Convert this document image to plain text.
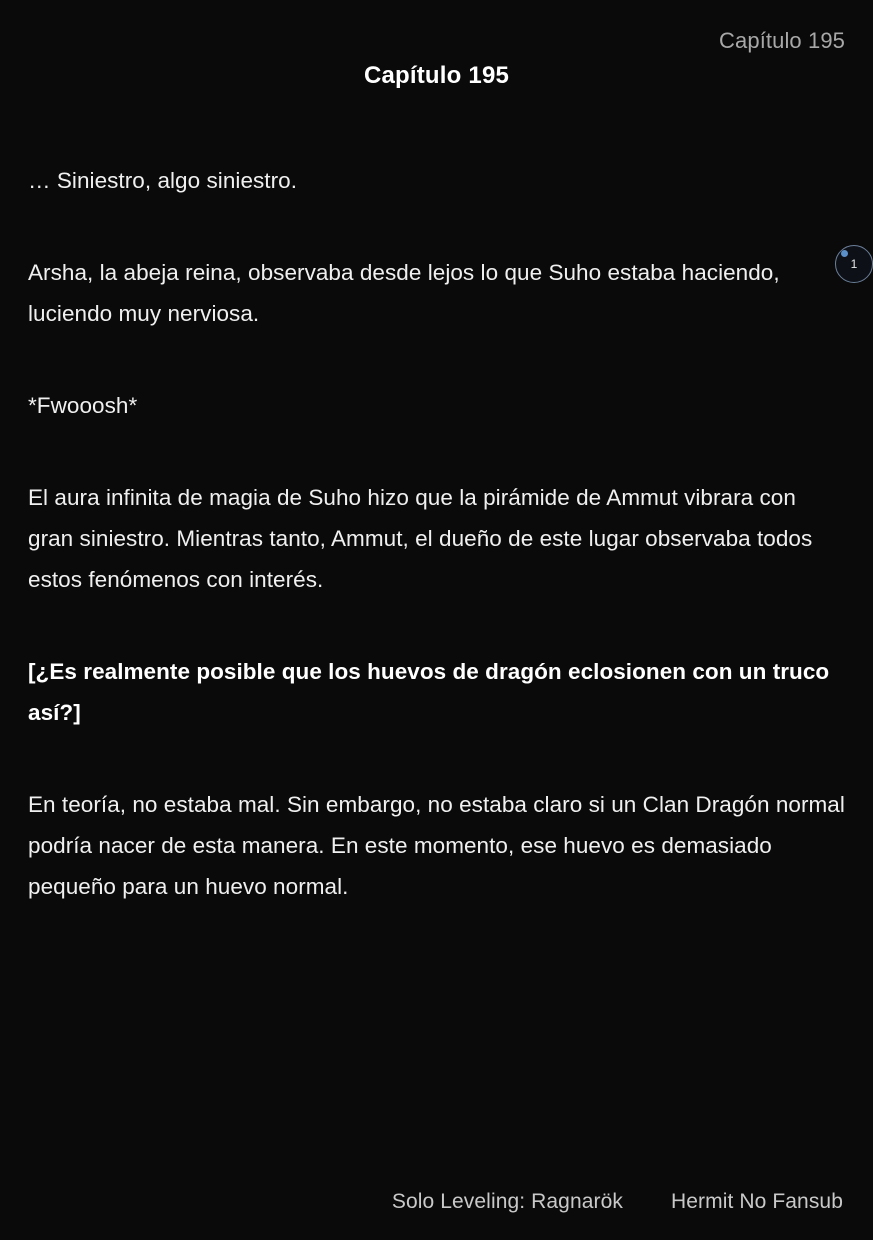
Capítulo 195
Capítulo 195

… Siniestro, algo siniestro.

Arsha, la abeja reina, observaba desde lejos lo que Suho estaba haciendo, luciendo muy nerviosa.

*Fwooosh*

El aura infinita de magia de Suho hizo que la pirámide de Ammut vibrara con gran siniestro. Mientras tanto, Ammut, el dueño de este lugar observaba todos estos fenómenos con interés.

[¿Es realmente posible que los huevos de dragón eclosionen con un truco así?]

En teoría, no estaba mal. Sin embargo, no estaba claro si un Clan Dragón normal podría nacer de esta manera. En este momento, ese huevo es demasiado pequeño para un huevo normal.

1
Solo Leveling: Ragnarök Hermit No Fansub
